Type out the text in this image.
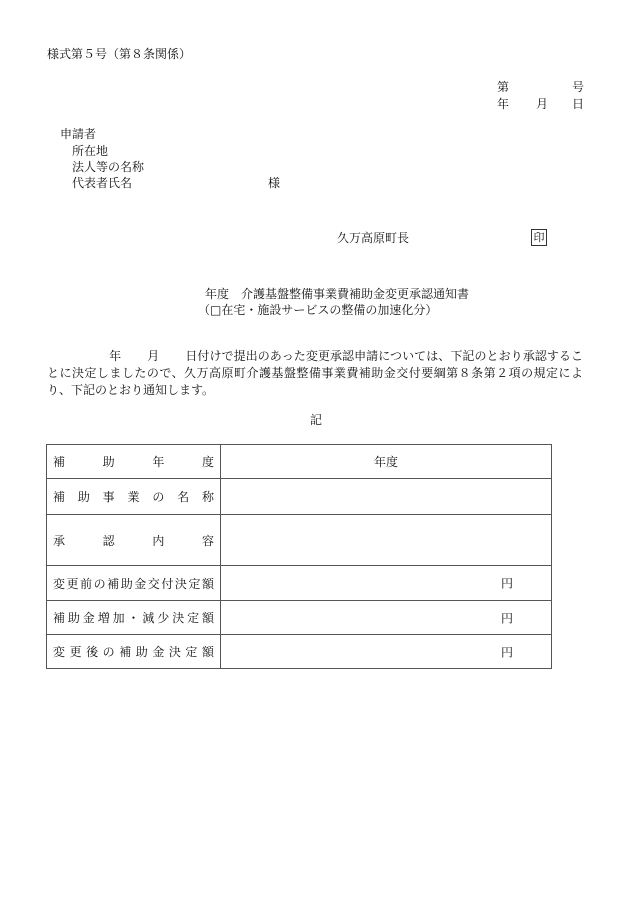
様式第５号（第８条関係）
第	号
年 月 日
申請者
所在地
法人等の名称
代表者氏名	様
久万高原町長	印
年度　介護基盤整備事業費補助金変更承認通知書
（□在宅・施設サービスの整備の加速化分）
年 月 日付けで提出のあった変更承認申請については、下記のとおり承認することに決定しましたので、久万高原町介護基盤整備事業費補助金交付要綱第８条第２項の規定により、下記のとおり通知します。
記
補助年度	年度

補助事業の名称	
承認内容	
変更前の補助金交付決定額	円

補助金増加・減少決定額	円

変更後の補助金決定額	円
